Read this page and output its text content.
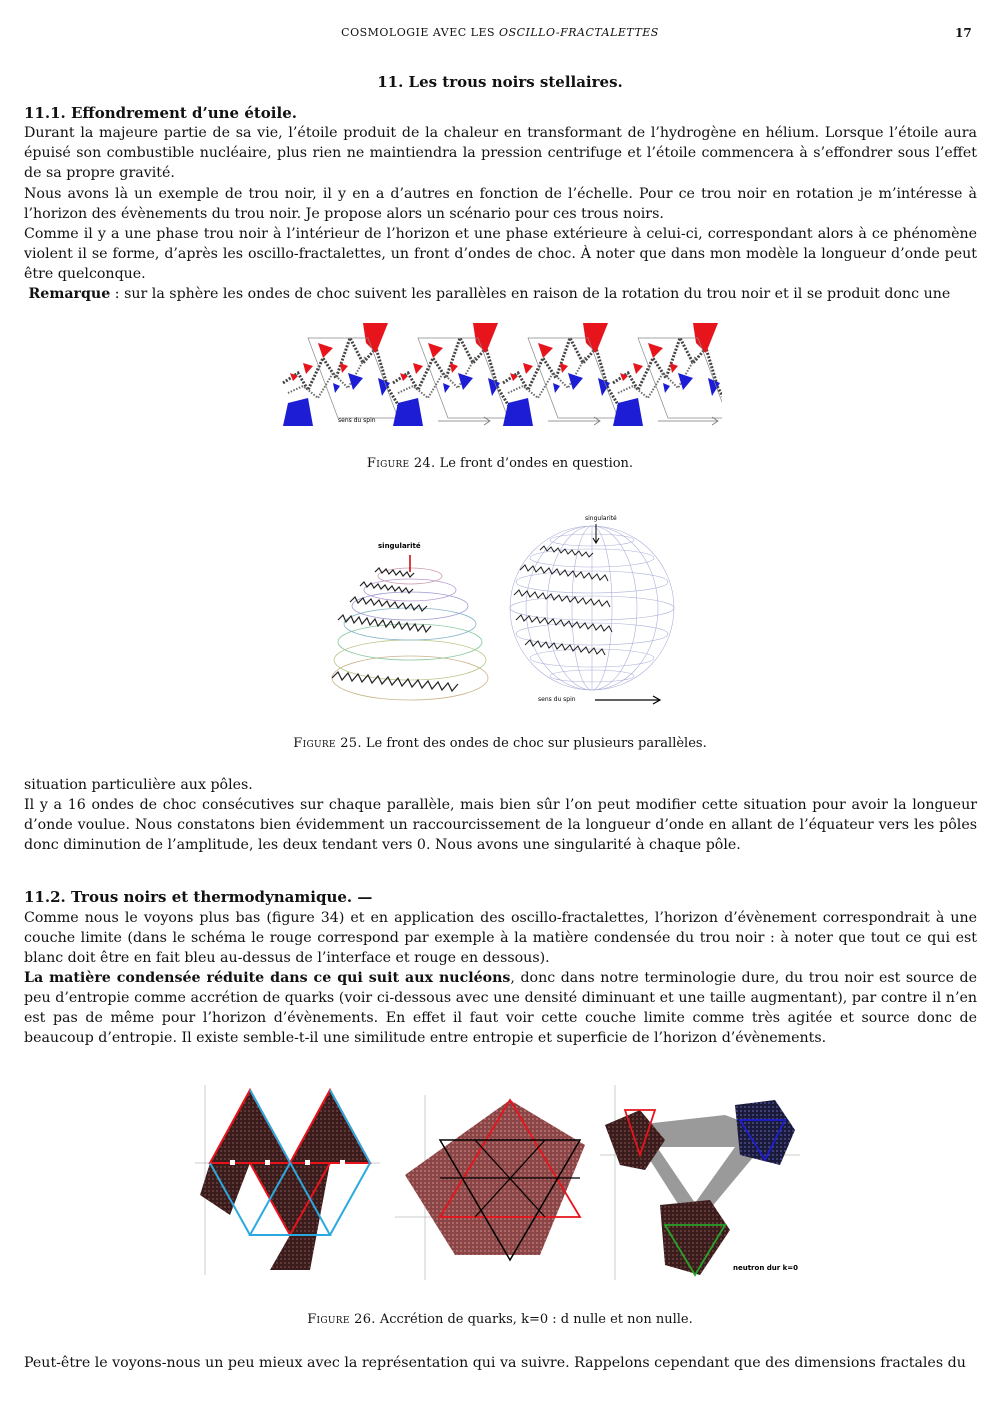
COSMOLOGIE AVEC LES OSCILLO-FRACTALETTES	17
11. Les trous noirs stellaires.
11.1. Effondrement d’une étoile.

Durant la majeure partie de sa vie, l’étoile produit de la chaleur en transformant de l’hydrogène en hélium. Lorsque l’étoile aura épuisé son combustible nucléaire, plus rien ne maintiendra la pression centrifuge et l’étoile commencera à s’effondrer sous l’effet de sa propre gravité.

Nous avons là un exemple de trou noir, il y en a d’autres en fonction de l’échelle. Pour ce trou noir en rotation je m’intéresse à l’horizon des évènements du trou noir. Je propose alors un scénario pour ces trous noirs.

Comme il y a une phase trou noir à l’intérieur de l’horizon et une phase extérieure à celui-ci, correspondant alors à ce phénomène violent il se forme, d’après les oscillo-fractalettes, un front d’ondes de choc. À noter que dans mon modèle la longueur d’onde peut être quelconque.

Remarque : sur la sphère les ondes de choc suivent les parallèles en raison de la rotation du trou noir et il se produit donc une

sens du spin
Figure 24. Le front d’ondes en question.
singularité
singularité
sens du spin
Figure 25. Le front des ondes de choc sur plusieurs parallèles.

situation particulière aux pôles.

Il y a 16 ondes de choc consécutives sur chaque parallèle, mais bien sûr l’on peut modifier cette situation pour avoir la longueur d’onde voulue. Nous constatons bien évidemment un raccourcissement de la longueur d’onde en allant de l’équateur vers les pôles donc diminution de l’amplitude, les deux tendant vers 0. Nous avons une singularité à chaque pôle.

11.2. Trous noirs et thermodynamique. —

Comme nous le voyons plus bas (figure 34) et en application des oscillo-fractalettes, l’horizon d’évènement correspondrait à une couche limite (dans le schéma le rouge correspond par exemple à la matière condensée du trou noir : à noter que tout ce qui est blanc doit être en fait bleu au-dessus de l’interface et rouge en dessous).

La matière condensée réduite dans ce qui suit aux nucléons, donc dans notre terminologie dure, du trou noir est source de peu d’entropie comme accrétion de quarks (voir ci-dessous avec une densité diminuant et une taille augmentant), par contre il n’en est pas de même pour l’horizon d’évènements. En effet il faut voir cette couche limite comme très agitée et source donc de beaucoup d’entropie. Il existe semble-t-il une similitude entre entropie et superficie de l’horizon d’évènements.

neutron dur k=0
Figure 26. Accrétion de quarks, k=0 : d nulle et non nulle.

Peut-être le voyons-nous un peu mieux avec la représentation qui va suivre. Rappelons cependant que des dimensions fractales du
